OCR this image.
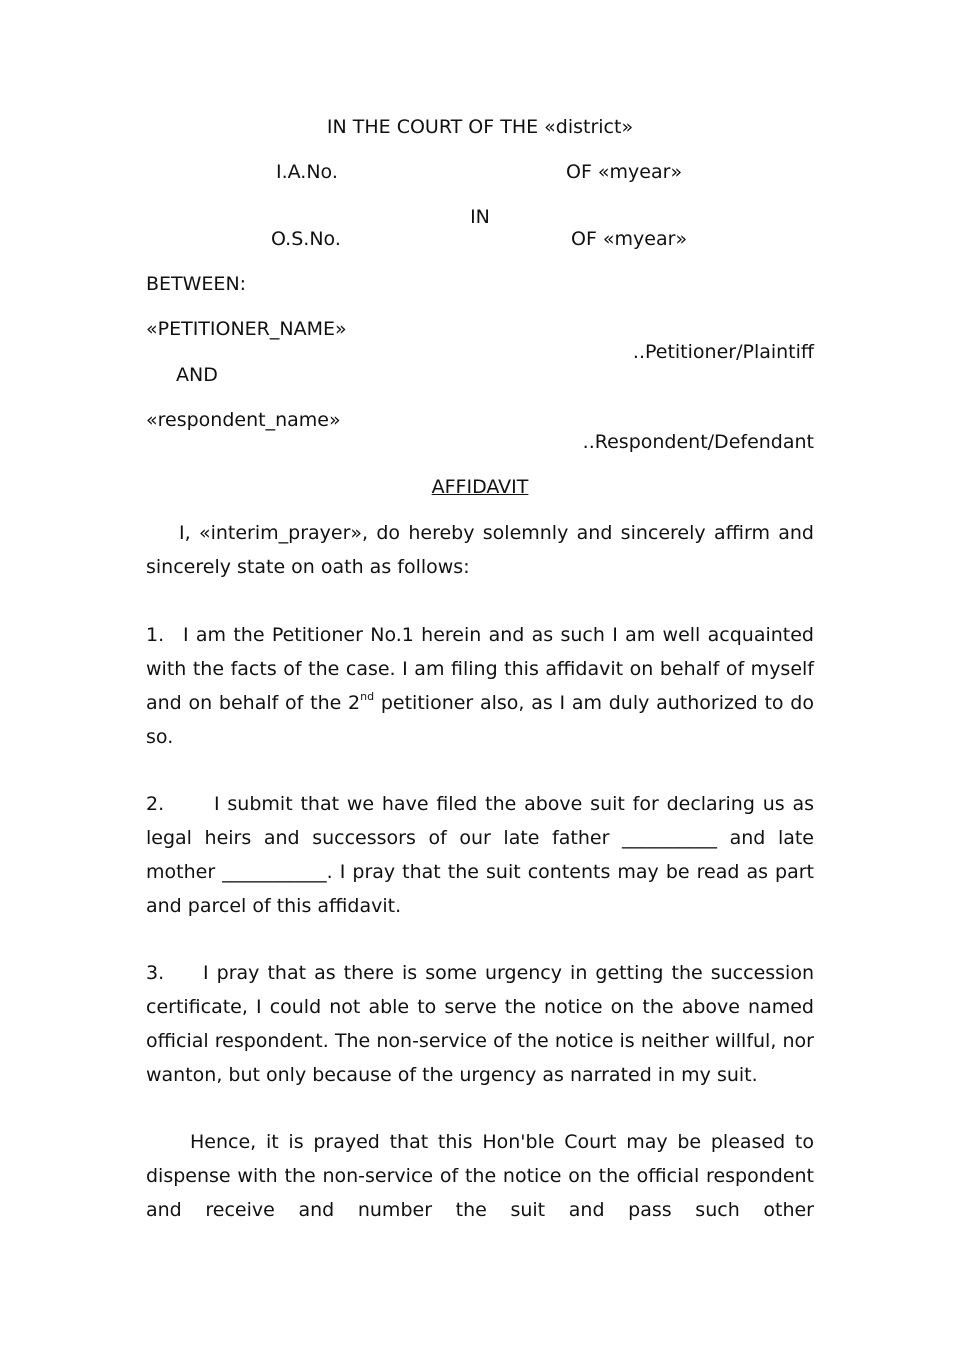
IN THE COURT OF THE «district»
I.A.No.	OF «myear»
IN
O.S.No.	OF «myear»
BETWEEN:
«PETITIONER_NAME»
..Petitioner/Plaintiff
AND
«respondent_name»
..Respondent/Defendant
AFFIDAVIT

I, «interim_prayer», do hereby solemnly and sincerely affirm and sincerely state on oath as follows:

1. I am the Petitioner No.1 herein and as such I am well acquainted with the facts of the case. I am filing this affidavit on behalf of myself and on behalf of the 2nd petitioner also, as I am duly authorized to do so.

2.	I submit that we have filed the above suit for declaring us as legal heirs and successors of our late father __________ and late mother ___________. I pray that the suit contents may be read as part and parcel of this affidavit.

3. I pray that as there is some urgency in getting the succession certificate, I could not able to serve the notice on the above named official respondent. The non-service of the notice is neither willful, nor wanton, but only because of the urgency as narrated in my suit.

Hence, it is prayed that this Hon'ble Court may be pleased to dispense with the non-service of the notice on the official respondent and receive and number the suit and pass such other
